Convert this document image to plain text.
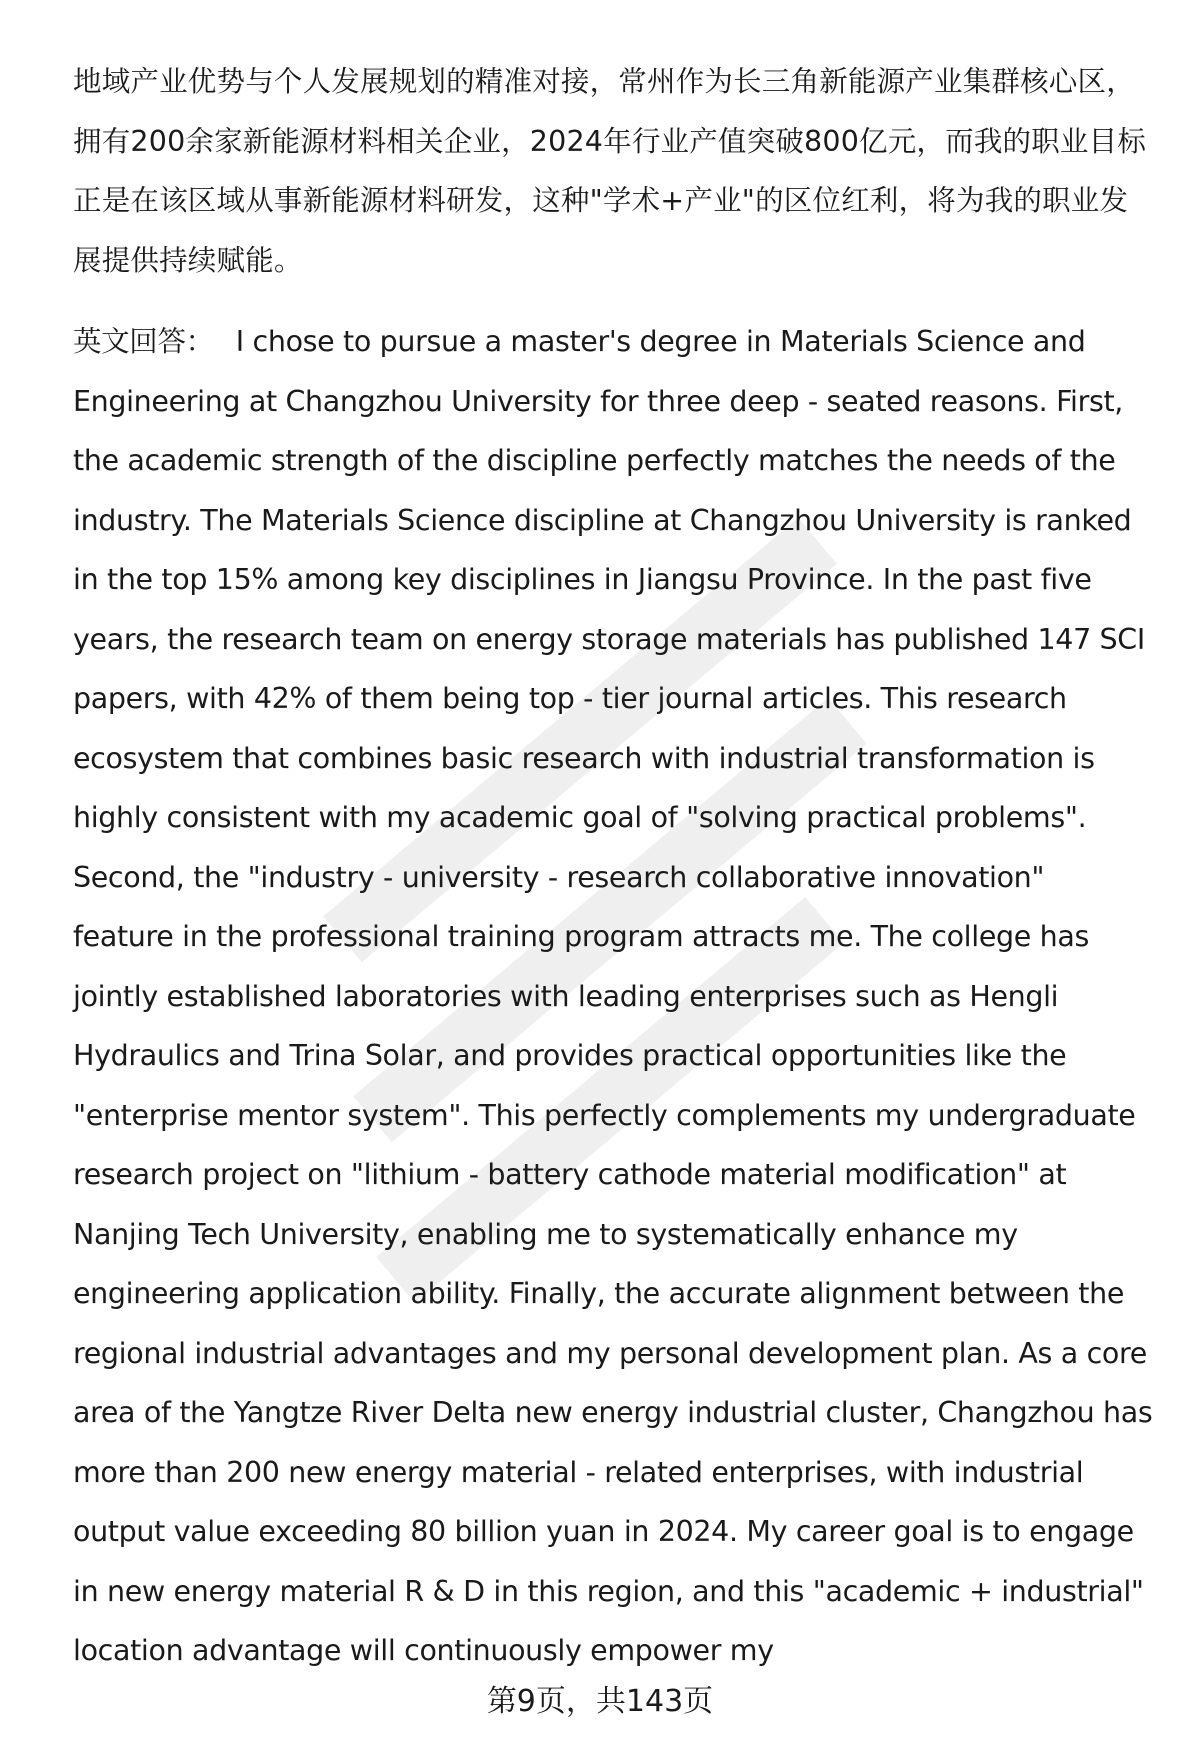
地域产业优势与个人发展规划的精准对接，常州作为长三角新能源产业集群核心区，拥有200余家新能源材料相关企业，2024年行业产值突破800亿元，而我的职业目标正是在该区域从事新能源材料研发，这种"学术+产业"的区位红利，将为我的职业发展提供持续赋能。

英文回答： I chose to pursue a master's degree in Materials Science and Engineering at Changzhou University for three deep - seated reasons. First, the academic strength of the discipline perfectly matches the needs of the industry. The Materials Science discipline at Changzhou University is ranked in the top 15% among key disciplines in Jiangsu Province. In the past five years, the research team on energy storage materials has published 147 SCI papers, with 42% of them being top - tier journal articles. This research ecosystem that combines basic research with industrial transformation is highly consistent with my academic goal of "solving practical problems". Second, the "industry - university - research collaborative innovation" feature in the professional training program attracts me. The college has jointly established laboratories with leading enterprises such as Hengli Hydraulics and Trina Solar, and provides practical opportunities like the "enterprise mentor system". This perfectly complements my undergraduate research project on "lithium - battery cathode material modification" at Nanjing Tech University, enabling me to systematically enhance my engineering application ability. Finally, the accurate alignment between the regional industrial advantages and my personal development plan. As a core area of the Yangtze River Delta new energy industrial cluster, Changzhou has more than 200 new energy material - related enterprises, with industrial output value exceeding 80 billion yuan in 2024. My career goal is to engage in new energy material R & D in this region, and this "academic + industrial" location advantage will continuously empower my

第9页，共143页
